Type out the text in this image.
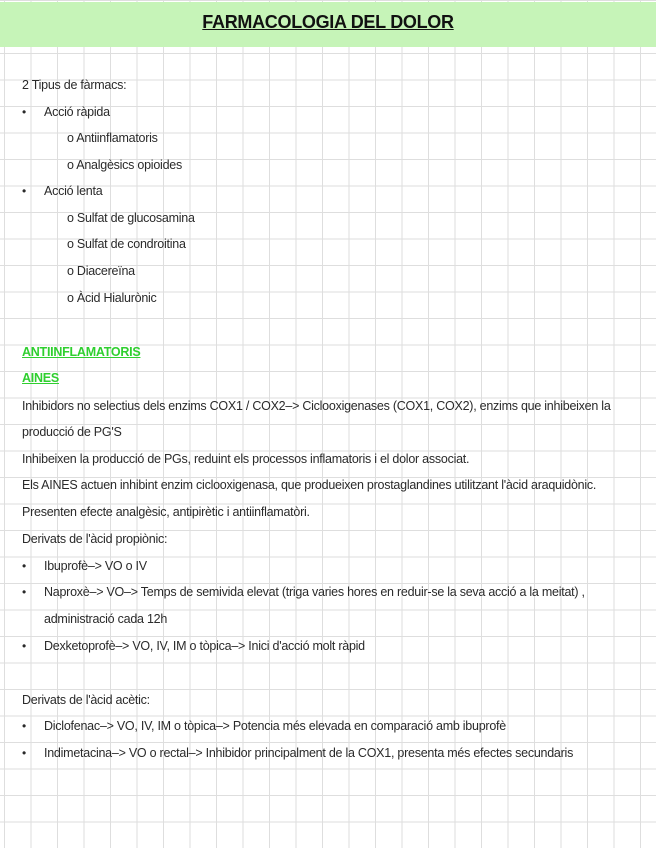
FARMACOLOGIA DEL DOLOR
2 Tipus de fàrmacs:
• Acció ràpida
o Antiinflamatoris
o Analgèsics opioides
• Acció lenta
o Sulfat de glucosamina
o Sulfat de condroitina
o Diacereïna
o Àcid Hialurònic
ANTIINFLAMATORIS
AINES
Inhibidors no selectius dels enzims COX1 / COX2–> Ciclooxigenases (COX1, COX2), enzims que inhibeixen la
producció de PG'S
Inhibeixen la producció de PGs, reduint els processos inflamatoris i el dolor associat.
Els AINES actuen inhibint enzim ciclooxigenasa, que produeixen prostaglandines utilitzant l'àcid araquidònic.
Presenten efecte analgèsic, antipirètic i antiinflamatòri.
Derivats de l'àcid propiònic:
• Ibuprofè–> VO o IV
• Naproxè–> VO–> Temps de semivida elevat (triga varies hores en reduir-se la seva acció a la meitat) ,
administració cada 12h
• Dexketoprofè–> VO, IV, IM o tòpica–> Inici d'acció molt ràpid
Derivats de l'àcid acètic:
• Diclofenac–> VO, IV, IM o tòpica–> Potencia més elevada en comparació amb ibuprofè
• Indimetacina–> VO o rectal–> Inhibidor principalment de la COX1, presenta més efectes secundaris
